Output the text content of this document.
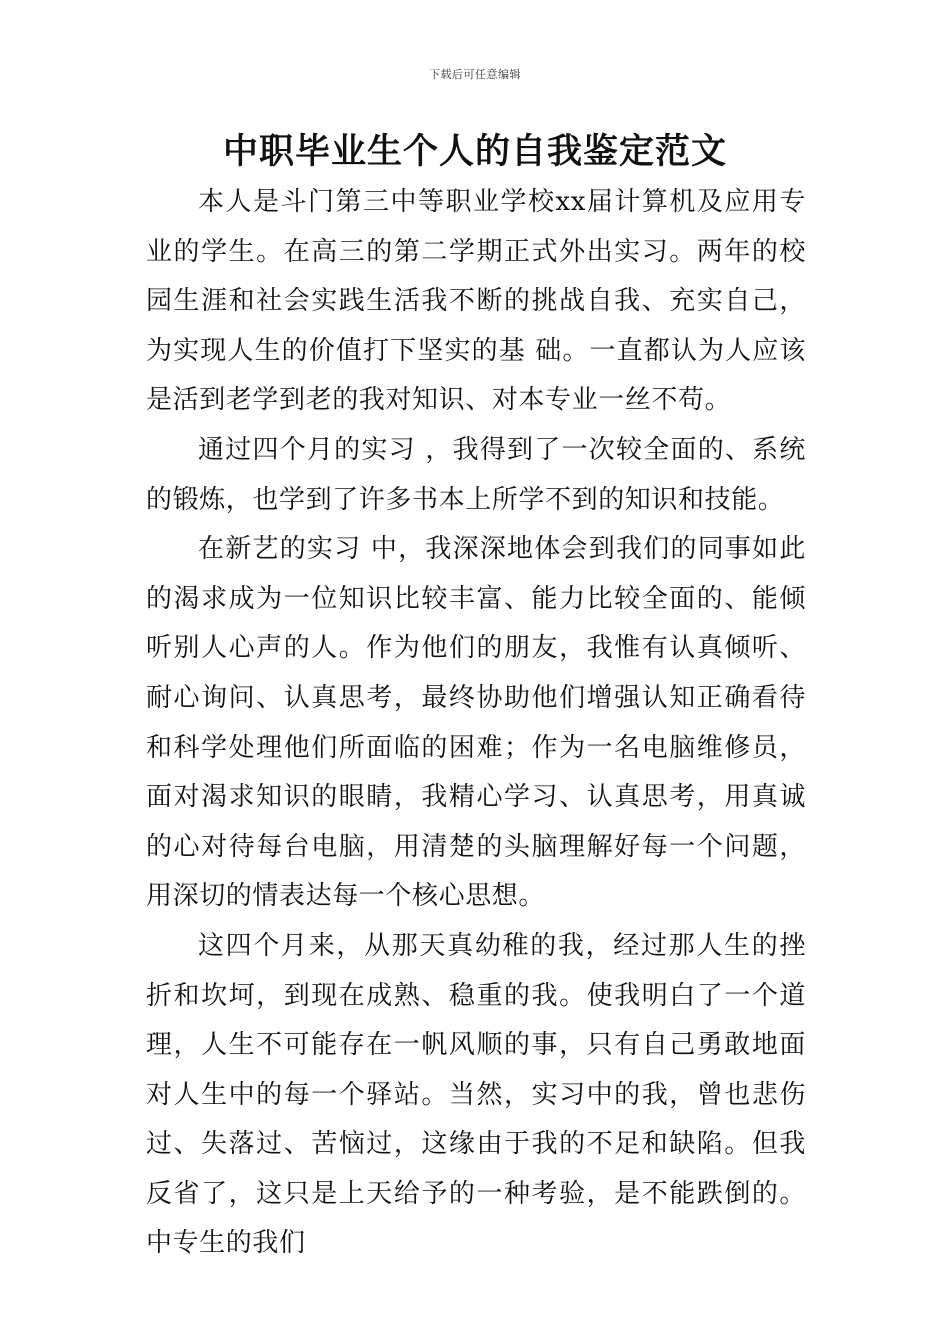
下载后可任意编辑
中职毕业生个人的自我鉴定范文

本人是斗门第三中等职业学校xx届计算机及应用专业的学生。在高三的第二学期正式外出实习。两年的校园生涯和社会实践生活我不断的挑战自我、充实自己，为实现人生的价值打下坚实的基 础。一直都认为人应该是活到老学到老的我对知识、对本专业一丝不苟。

通过四个月的实习 ，我得到了一次较全面的、系统的锻炼，也学到了许多书本上所学不到的知识和技能。

在新艺的实习 中，我深深地体会到我们的同事如此的渴求成为一位知识比较丰富、能力比较全面的、能倾听别人心声的人。作为他们的朋友，我惟有认真倾听、耐心询问、认真思考，最终协助他们增强认知正确看待和科学处理他们所面临的困难；作为一名电脑维修员，面对渴求知识的眼睛，我精心学习、认真思考，用真诚的心对待每台电脑，用清楚的头脑理解好每一个问题，用深切的情表达每一个核心思想。

这四个月来，从那天真幼稚的我，经过那人生的挫折和坎坷，到现在成熟、稳重的我。使我明白了一个道理，人生不可能存在一帆风顺的事，只有自己勇敢地面对人生中的每一个驿站。当然，实习中的我，曾也悲伤过、失落过、苦恼过，这缘由于我的不足和缺陷。但我反省了，这只是上天给予的一种考验，是不能跌倒的。中专生的我们
